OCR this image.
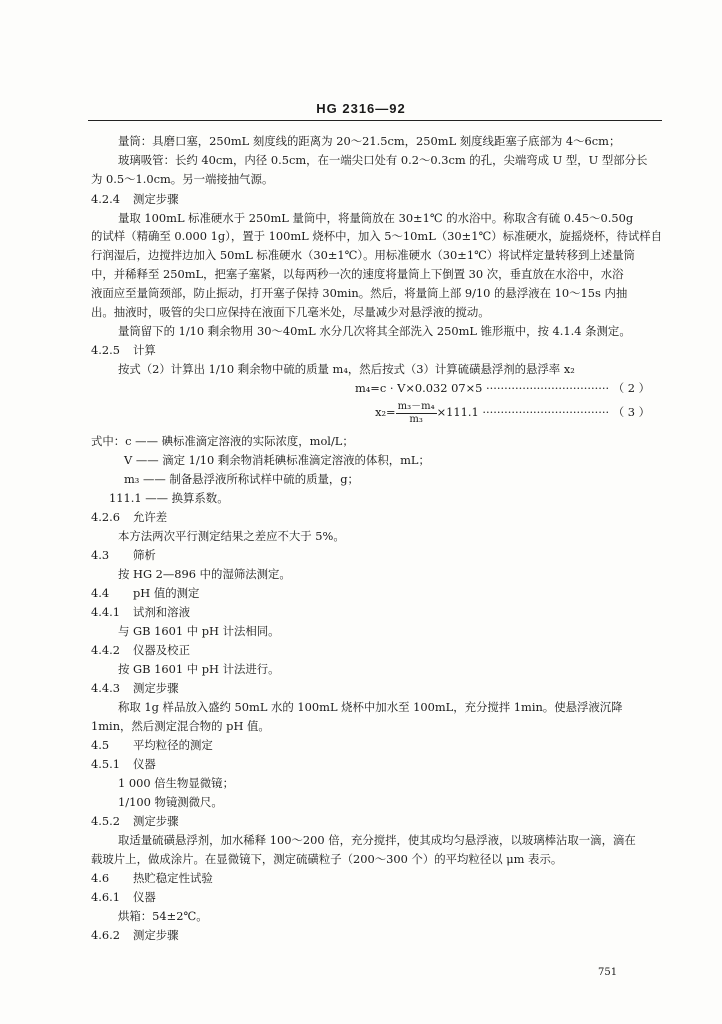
HG 2316—92
量筒：具磨口塞，250mL 刻度线的距离为 20～21.5cm，250mL 刻度线距塞子底部为 4～6cm；
玻璃吸管：长约 40cm，内径 0.5cm，在一端尖口处有 0.2～0.3cm 的孔，尖端弯成 U 型，U 型部分长
为 0.5～1.0cm。另一端接抽气源。
4.2.4 测定步骤
量取 100mL 标准硬水于 250mL 量筒中，将量筒放在 30±1℃ 的水浴中。称取含有硫 0.45～0.50g
的试样（精确至 0.000 1g），置于 100mL 烧杯中，加入 5～10mL（30±1℃）标准硬水，旋摇烧杯，待试样自
行润湿后，边搅拌边加入 50mL 标准硬水（30±1℃）。用标准硬水（30±1℃）将试样定量转移到上述量筒
中，并稀释至 250mL，把塞子塞紧，以每两秒一次的速度将量筒上下倒置 30 次，垂直放在水浴中，水浴
液面应至量筒颈部，防止振动，打开塞子保持 30min。然后，将量筒上部 9/10 的悬浮液在 10～15s 内抽
出。抽液时，吸管的尖口应保持在液面下几毫米处，尽量减少对悬浮液的搅动。
量筒留下的 1/10 剩余物用 30～40mL 水分几次将其全部洗入 250mL 锥形瓶中，按 4.1.4 条测定。
4.2.5 计算
按式（2）计算出 1/10 剩余物中硫的质量 m₄，然后按式（3）计算硫磺悬浮剂的悬浮率 x₂
m₄=c · V×0.032 07×5 ·································· （ 2 ）
$x_2= \frac{\text{m₃－m₄}}{\text{m₃}} \times 111.1$ ··································· （ 3 ）
式中：c —— 碘标准滴定溶液的实际浓度，mol/L；
V —— 滴定 1/10 剩余物消耗碘标准滴定溶液的体积，mL；
m₃ —— 制备悬浮液所称试样中硫的质量，g；
111.1 —— 换算系数。
4.2.6 允许差
本方法两次平行测定结果之差应不大于 5%。
4.3 筛析
按 HG 2—896 中的湿筛法测定。
4.4 pH 值的测定
4.4.1 试剂和溶液
与 GB 1601 中 pH 计法相同。
4.4.2 仪器及校正
按 GB 1601 中 pH 计法进行。
4.4.3 测定步骤
称取 1g 样品放入盛约 50mL 水的 100mL 烧杯中加水至 100mL，充分搅拌 1min。使悬浮液沉降
1min，然后测定混合物的 pH 值。
4.5 平均粒径的测定
4.5.1 仪器
1 000 倍生物显微镜；
1/100 物镜测微尺。
4.5.2 测定步骤
取适量硫磺悬浮剂，加水稀释 100～200 倍，充分搅拌，使其成均匀悬浮液，以玻璃棒沾取一滴，滴在
载玻片上，做成涂片。在显微镜下，测定硫磺粒子（200～300 个）的平均粒径以 μm 表示。
4.6 热贮稳定性试验
4.6.1 仪器
烘箱：54±2℃。
4.6.2 测定步骤
751
